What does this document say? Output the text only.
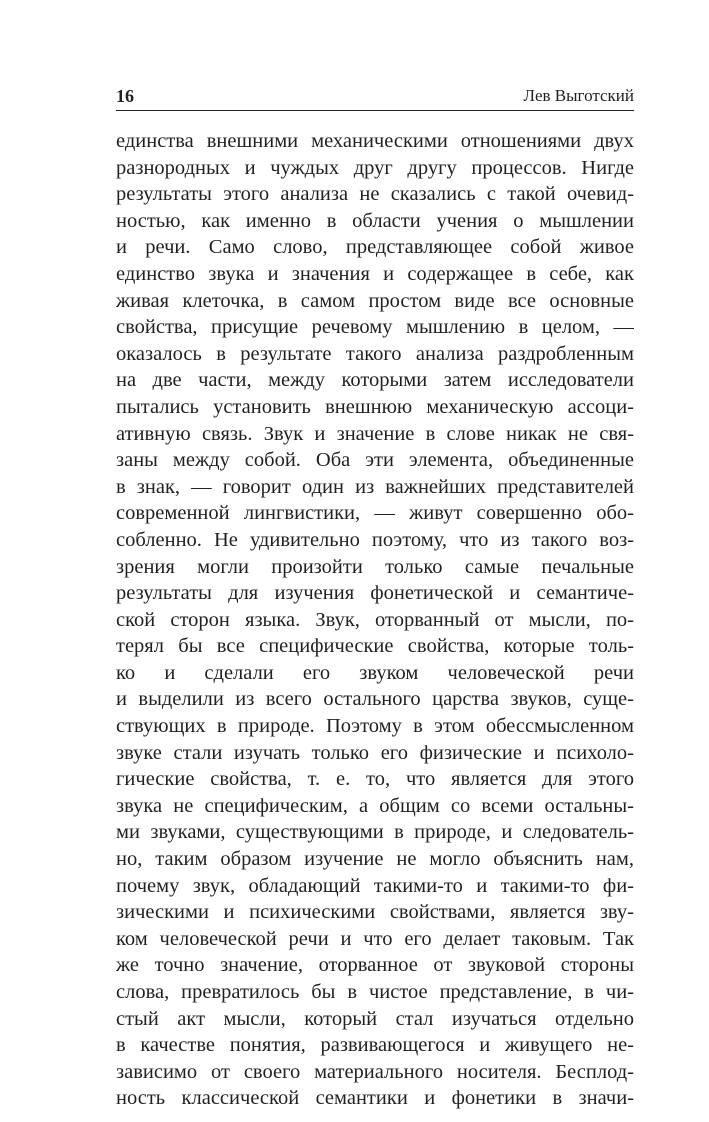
16	Лев Выготский
единства внешними механическими отношениями двух
разнородных и чуждых друг другу процессов. Нигде
результаты этого анализа не сказались с такой очевид-
ностью, как именно в области учения о мышлении
и речи. Само слово, представляющее собой живое
единство звука и значения и содержащее в себе, как
живая клеточка, в самом простом виде все основные
свойства, присущие речевому мышлению в целом, —
оказалось в результате такого анализа раздробленным
на две части, между которыми затем исследователи
пытались установить внешнюю механическую ассоци-
ативную связь. Звук и значение в слове никак не свя-
заны между собой. Оба эти элемента, объединенные
в знак, — говорит один из важнейших представителей
современной лингвистики, — живут совершенно обо-
собленно. Не удивительно поэтому, что из такого воз-
зрения могли произойти только самые печальные
результаты для изучения фонетической и семантиче-
ской сторон языка. Звук, оторванный от мысли, по-
терял бы все специфические свойства, которые толь-
ко и сделали его звуком человеческой речи
и выделили из всего остального царства звуков, суще-
ствующих в природе. Поэтому в этом обессмысленном
звуке стали изучать только его физические и психоло-
гические свойства, т. е. то, что является для этого
звука не специфическим, а общим со всеми остальны-
ми звуками, существующими в природе, и следователь-
но, таким образом изучение не могло объяснить нам,
почему звук, обладающий такими-то и такими-то фи-
зическими и психическими свойствами, является зву-
ком человеческой речи и что его делает таковым. Так
же точно значение, оторванное от звуковой стороны
слова, превратилось бы в чистое представление, в чи-
стый акт мысли, который стал изучаться отдельно
в качестве понятия, развивающегося и живущего не-
зависимо от своего материального носителя. Бесплод-
ность классической семантики и фонетики в значи-
